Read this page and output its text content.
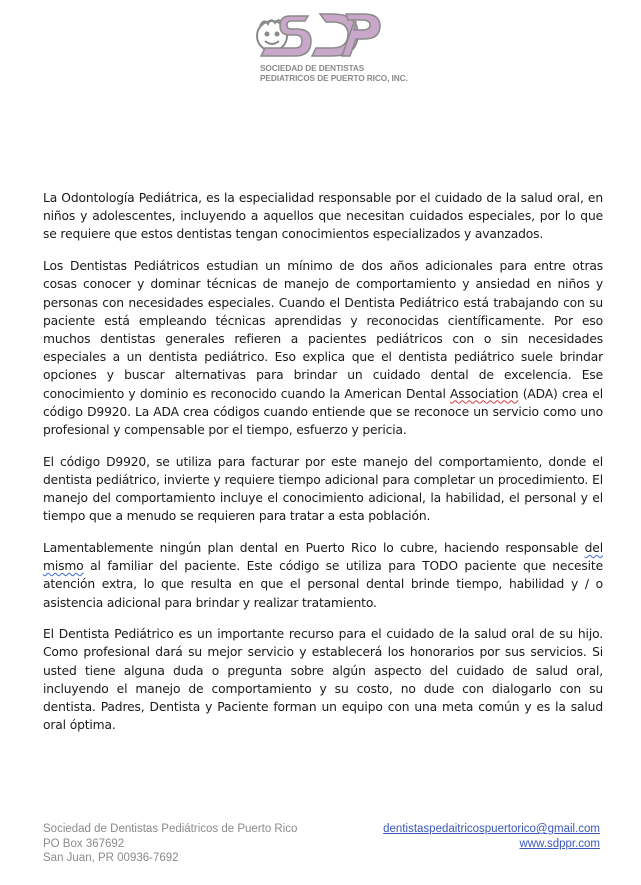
SOCIEDAD DE DENTISTAS
PEDIATRICOS DE PUERTO RICO, INC.

La Odontología Pediátrica, es la especialidad responsable por el cuidado de la salud oral, en niños y adolescentes, incluyendo a aquellos que necesitan cuidados especiales, por lo que se requiere que estos dentistas tengan conocimientos especializados y avanzados.

Los Dentistas Pediátricos estudian un mínimo de dos años adicionales para entre otras cosas conocer y dominar técnicas de manejo de comportamiento y ansiedad en niños y personas con necesidades especiales. Cuando el Dentista Pediátrico está trabajando con su paciente está empleando técnicas aprendidas y reconocidas científicamente. Por eso muchos dentistas generales refieren a pacientes pediátricos con o sin necesidades especiales a un dentista pediátrico. Eso explica que el dentista pediátrico suele brindar opciones y buscar alternativas para brindar un cuidado dental de excelencia. Ese conocimiento y dominio es reconocido cuando la American Dental Association (ADA) crea el código D9920. La ADA crea códigos cuando entiende que se reconoce un servicio como uno profesional y compensable por el tiempo, esfuerzo y pericia.

El código D9920, se utiliza para facturar por este manejo del comportamiento, donde el dentista pediátrico, invierte y requiere tiempo adicional para completar un procedimiento. El manejo del comportamiento incluye el conocimiento adicional, la habilidad, el personal y el tiempo que a menudo se requieren para tratar a esta población.

Lamentablemente ningún plan dental en Puerto Rico lo cubre, haciendo responsable del mismo al familiar del paciente. Este código se utiliza para TODO paciente que necesite atención extra, lo que resulta en que el personal dental brinde tiempo, habilidad y / o asistencia adicional para brindar y realizar tratamiento.

El Dentista Pediátrico es un importante recurso para el cuidado de la salud oral de su hijo. Como profesional dará su mejor servicio y establecerá los honorarios por sus servicios. Si usted tiene alguna duda o pregunta sobre algún aspecto del cuidado de salud oral, incluyendo el manejo de comportamiento y su costo, no dude con dialogarlo con su dentista. Padres, Dentista y Paciente forman un equipo con una meta común y es la salud oral óptima.

Sociedad de Dentistas Pediátricos de Puerto Rico
PO Box 367692
San Juan, PR 00936-7692
dentistaspedaitricospuertorico@gmail.com
www.sdppr.com
